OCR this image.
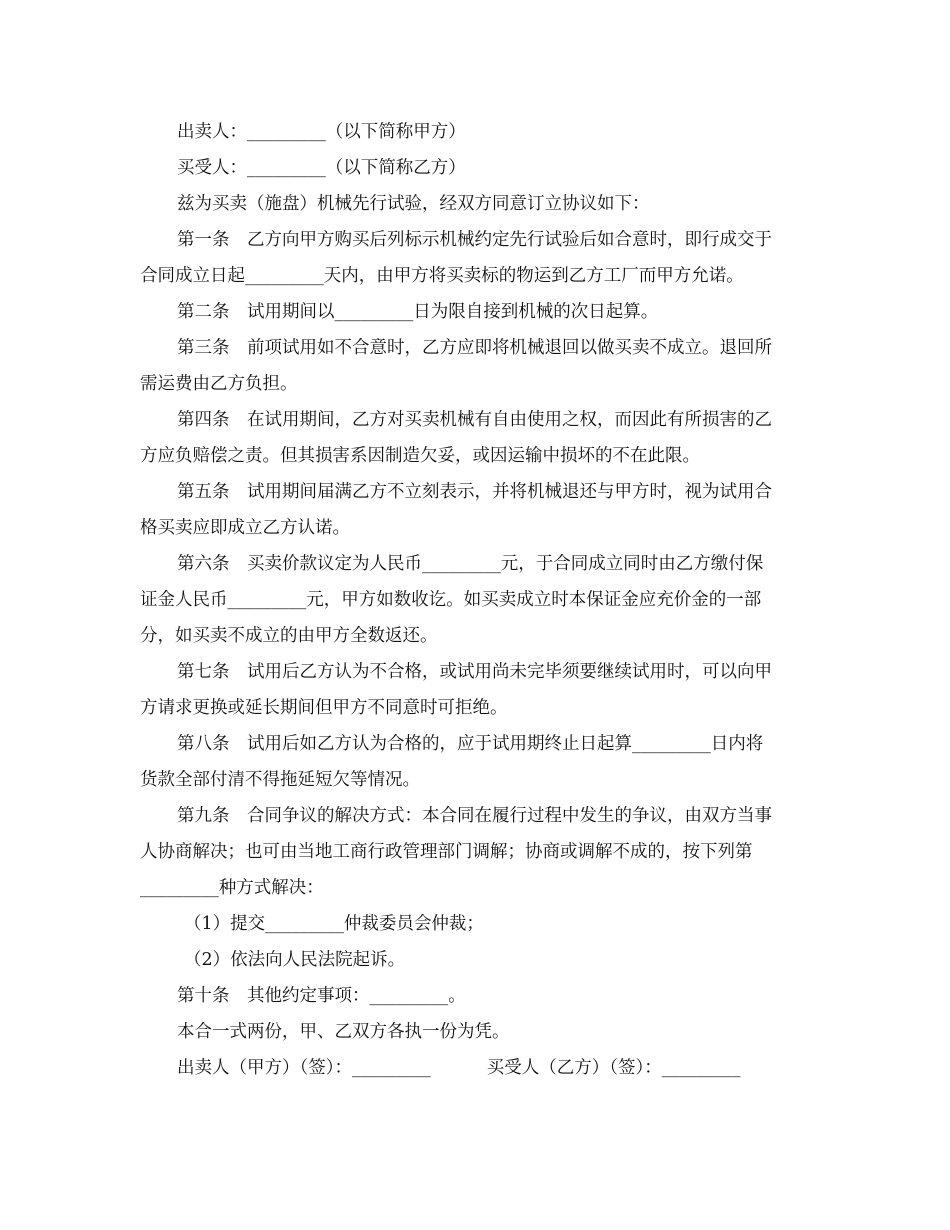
出卖人：_________（以下简称甲方）

买受人：_________（以下简称乙方）

兹为买卖（施盘）机械先行试验，经双方同意订立协议如下：

第一条　乙方向甲方购买后列标示机械约定先行试验后如合意时，即行成交于

合同成立日起_________天内，由甲方将买卖标的物运到乙方工厂而甲方允诺。

第二条　试用期间以_________日为限自接到机械的次日起算。

第三条　前项试用如不合意时，乙方应即将机械退回以做买卖不成立。退回所

需运费由乙方负担。

第四条　在试用期间，乙方对买卖机械有自由使用之权，而因此有所损害的乙

方应负赔偿之责。但其损害系因制造欠妥，或因运输中损坏的不在此限。

第五条　试用期间届满乙方不立刻表示，并将机械退还与甲方时，视为试用合

格买卖应即成立乙方认诺。

第六条　买卖价款议定为人民币_________元，于合同成立同时由乙方缴付保

证金人民币_________元，甲方如数收讫。如买卖成立时本保证金应充价金的一部

分，如买卖不成立的由甲方全数返还。

第七条　试用后乙方认为不合格，或试用尚未完毕须要继续试用时，可以向甲

方请求更换或延长期间但甲方不同意时可拒绝。

第八条　试用后如乙方认为合格的，应于试用期终止日起算_________日内将

货款全部付清不得拖延短欠等情况。

第九条　合同争议的解决方式：本合同在履行过程中发生的争议，由双方当事

人协商解决；也可由当地工商行政管理部门调解；协商或调解不成的，按下列第

_________种方式解决：

（1）提交_________仲裁委员会仲裁；

（2）依法向人民法院起诉。

第十条　其他约定事项：_________。

本合一式两份，甲、乙双方各执一份为凭。

出卖人（甲方）（签）：_________	买受人（乙方）（签）：_________
